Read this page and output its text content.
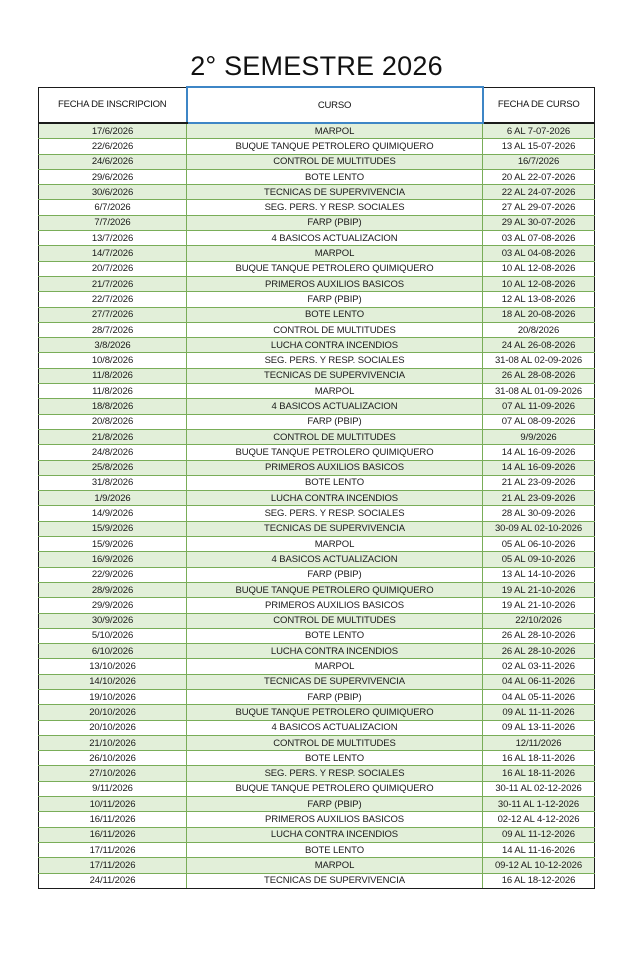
2° SEMESTRE 2026
FECHA DE INSCRIPCION	CURSO	FECHA DE CURSO
17/6/2026	MARPOL	6 AL 7-07-2026
22/6/2026	BUQUE TANQUE PETROLERO QUIMIQUERO	13 AL 15-07-2026
24/6/2026	CONTROL DE MULTITUDES	16/7/2026
29/6/2026	BOTE LENTO	20 AL 22-07-2026
30/6/2026	TECNICAS DE SUPERVIVENCIA	22 AL 24-07-2026
6/7/2026	SEG. PERS. Y RESP. SOCIALES	27 AL 29-07-2026
7/7/2026	FARP (PBIP)	29 AL 30-07-2026
13/7/2026	4 BASICOS ACTUALIZACION	03 AL 07-08-2026
14/7/2026	MARPOL	03 AL 04-08-2026
20/7/2026	BUQUE TANQUE PETROLERO QUIMIQUERO	10 AL 12-08-2026
21/7/2026	PRIMEROS AUXILIOS BASICOS	10 AL 12-08-2026
22/7/2026	FARP (PBIP)	12 AL 13-08-2026
27/7/2026	BOTE LENTO	18 AL 20-08-2026
28/7/2026	CONTROL DE MULTITUDES	20/8/2026
3/8/2026	LUCHA CONTRA INCENDIOS	24 AL 26-08-2026
10/8/2026	SEG. PERS. Y RESP. SOCIALES	31-08 AL 02-09-2026
11/8/2026	TECNICAS DE SUPERVIVENCIA	26 AL 28-08-2026
11/8/2026	MARPOL	31-08 AL 01-09-2026
18/8/2026	4 BASICOS ACTUALIZACION	07 AL 11-09-2026
20/8/2026	FARP (PBIP)	07 AL 08-09-2026
21/8/2026	CONTROL DE MULTITUDES	9/9/2026
24/8/2026	BUQUE TANQUE PETROLERO QUIMIQUERO	14 AL 16-09-2026
25/8/2026	PRIMEROS AUXILIOS BASICOS	14 AL 16-09-2026
31/8/2026	BOTE LENTO	21 AL 23-09-2026
1/9/2026	LUCHA CONTRA INCENDIOS	21 AL 23-09-2026
14/9/2026	SEG. PERS. Y RESP. SOCIALES	28 AL 30-09-2026
15/9/2026	TECNICAS DE SUPERVIVENCIA	30-09 AL 02-10-2026
15/9/2026	MARPOL	05 AL 06-10-2026
16/9/2026	4 BASICOS ACTUALIZACION	05 AL 09-10-2026
22/9/2026	FARP (PBIP)	13 AL 14-10-2026
28/9/2026	BUQUE TANQUE PETROLERO QUIMIQUERO	19 AL 21-10-2026
29/9/2026	PRIMEROS AUXILIOS BASICOS	19 AL 21-10-2026
30/9/2026	CONTROL DE MULTITUDES	22/10/2026
5/10/2026	BOTE LENTO	26 AL 28-10-2026
6/10/2026	LUCHA CONTRA INCENDIOS	26 AL 28-10-2026
13/10/2026	MARPOL	02 AL 03-11-2026
14/10/2026	TECNICAS DE SUPERVIVENCIA	04 AL 06-11-2026
19/10/2026	FARP (PBIP)	04 AL 05-11-2026
20/10/2026	BUQUE TANQUE PETROLERO QUIMIQUERO	09 AL 11-11-2026
20/10/2026	4 BASICOS ACTUALIZACION	09 AL 13-11-2026
21/10/2026	CONTROL DE MULTITUDES	12/11/2026
26/10/2026	BOTE LENTO	16 AL 18-11-2026
27/10/2026	SEG. PERS. Y RESP. SOCIALES	16 AL 18-11-2026
9/11/2026	BUQUE TANQUE PETROLERO QUIMIQUERO	30-11 AL 02-12-2026
10/11/2026	FARP (PBIP)	30-11 AL 1-12-2026
16/11/2026	PRIMEROS AUXILIOS BASICOS	02-12 AL 4-12-2026
16/11/2026	LUCHA CONTRA INCENDIOS	09 AL 11-12-2026
17/11/2026	BOTE LENTO	14 AL 11-16-2026
17/11/2026	MARPOL	09-12 AL 10-12-2026
24/11/2026	TECNICAS DE SUPERVIVENCIA	16 AL 18-12-2026
